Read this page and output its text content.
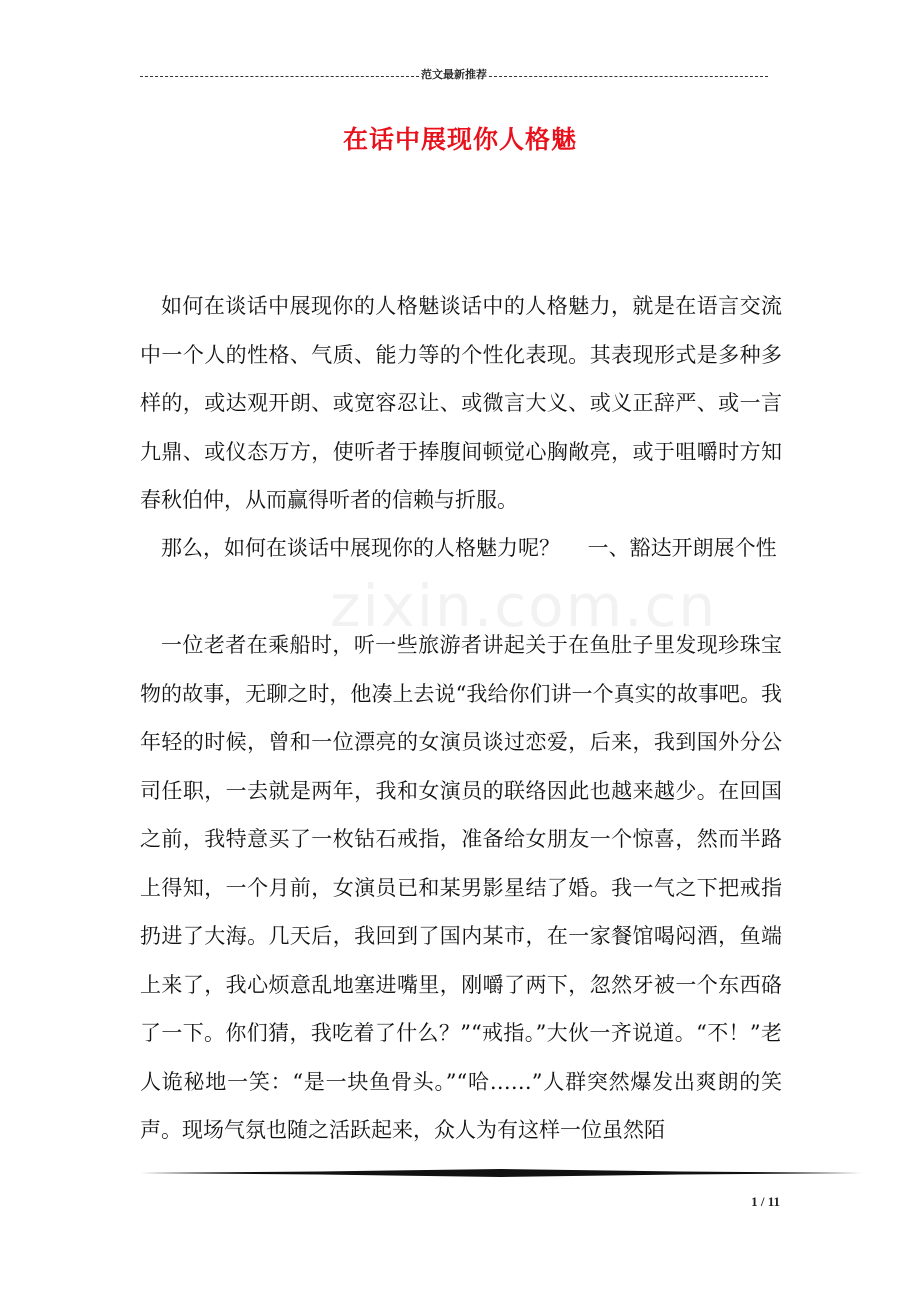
范文最新推荐
在话中展现你人格魅

如何在谈话中展现你的人格魅谈话中的人格魅力，就是在语言交流中一个人的性格、气质、能力等的个性化表现。其表现形式是多种多样的，或达观开朗、或宽容忍让、或微言大义、或义正辞严、或一言九鼎、或仪态万方，使听者于捧腹间顿觉心胸敞亮，或于咀嚼时方知春秋伯仲，从而赢得听者的信赖与折服。

那么，如何在谈话中展现你的人格魅力呢？　 一、豁达开朗展个性

zixin.com.cn

一位老者在乘船时，听一些旅游者讲起关于在鱼肚子里发现珍珠宝物的故事，无聊之时，他凑上去说“我给你们讲一个真实的故事吧。我年轻的时候，曾和一位漂亮的女演员谈过恋爱，后来，我到国外分公司任职，一去就是两年，我和女演员的联络因此也越来越少。在回国之前，我特意买了一枚钻石戒指，准备给女朋友一个惊喜，然而半路上得知，一个月前，女演员已和某男影星结了婚。我一气之下把戒指扔进了大海。几天后，我回到了国内某市，在一家餐馆喝闷酒，鱼端上来了，我心烦意乱地塞进嘴里，刚嚼了两下，忽然牙被一个东西硌了一下。你们猜，我吃着了什么？”“戒指。”大伙一齐说道。“不！”老人诡秘地一笑：“是一块鱼骨头。”“哈……”人群突然爆发出爽朗的笑声。现场气氛也随之活跃起来，众人为有这样一位虽然陌

1 / 11
